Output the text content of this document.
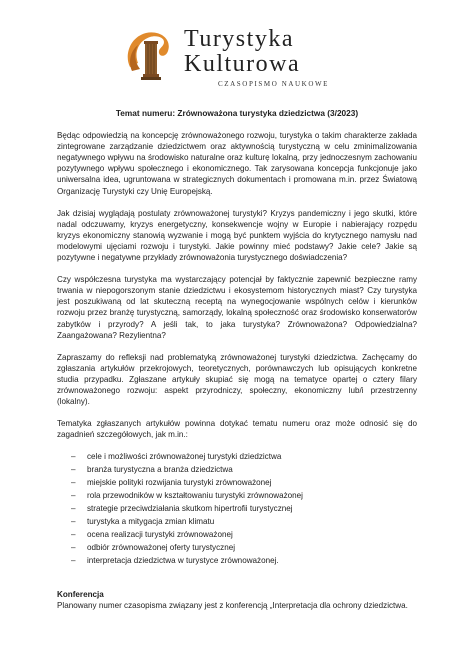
Turystyka
Kulturowa
CZASOPISMO NAUKOWE
Temat numeru: Zrównoważona turystyka dziedzictwa (3/2023)

Będąc odpowiedzią na koncepcję zrównoważonego rozwoju, turystyka o takim charakterze zakłada zintegrowane zarządzanie dziedzictwem oraz aktywnością turystyczną w celu zminimalizowania negatywnego wpływu na środowisko naturalne oraz kulturę lokalną, przy jednoczesnym zachowaniu pozytywnego wpływu społecznego i ekonomicznego. Tak zarysowana koncepcja funkcjonuje jako uniwersalna idea, ugruntowana w strategicznych dokumentach i promowana m.in. przez Światową Organizację Turystyki czy Unię Europejską.

Jak dzisiaj wyglądają postulaty zrównoważonej turystyki? Kryzys pandemiczny i jego skutki, które nadal odczuwamy, kryzys energetyczny, konsekwencje wojny w Europie i nabierający rozpędu kryzys ekonomiczny stanowią wyzwanie i mogą być punktem wyjścia do krytycznego namysłu nad modelowymi ujęciami rozwoju i turystyki. Jakie powinny mieć podstawy? Jakie cele? Jakie są pozytywne i negatywne przykłady zrównoważonia turystycznego doświadczenia?

Czy współczesna turystyka ma wystarczający potencjał by faktycznie zapewnić bezpieczne ramy trwania w niepogorszonym stanie dziedzictwu i ekosystemom historycznych miast? Czy turystyka jest poszukiwaną od lat skuteczną receptą na wynegocjowanie wspólnych celów i kierunków rozwoju przez branżę turystyczną, samorządy, lokalną społeczność oraz środowisko konserwatorów zabytków i przyrody? A jeśli tak, to jaka turystyka? Zrównoważona? Odpowiedzialna? Zaangażowana? Rezylientna?

Zapraszamy do refleksji nad problematyką zrównoważonej turystyki dziedzictwa. Zachęcamy do zgłaszania artykułów przekrojowych, teoretycznych, porównawczych lub opisujących konkretne studia przypadku. Zgłaszane artykuły skupiać się mogą na tematyce opartej o cztery filary zrównoważonego rozwoju: aspekt przyrodniczy, społeczny, ekonomiczny lub/i przestrzenny (lokalny).

Tematyka zgłaszanych artykułów powinna dotykać tematu numeru oraz może odnosić się do zagadnień szczegółowych, jak m.in.:

– cele i możliwości zrównoważonej turystyki dziedzictwa
– branża turystyczna a branża dziedzictwa
– miejskie polityki rozwijania turystyki zrównoważonej
– rola przewodników w kształtowaniu turystyki zrównoważonej
– strategie przeciwdziałania skutkom hipertrofii turystycznej
– turystyka a mitygacja zmian klimatu
– ocena realizacji turystyki zrównoważonej
– odbiór zrównoważonej oferty turystycznej
– interpretacja dziedzictwa w turystyce zrównoważonej.
Konferencja

Planowany numer czasopisma związany jest z konferencją „Interpretacja dla ochrony dziedzictwa.
